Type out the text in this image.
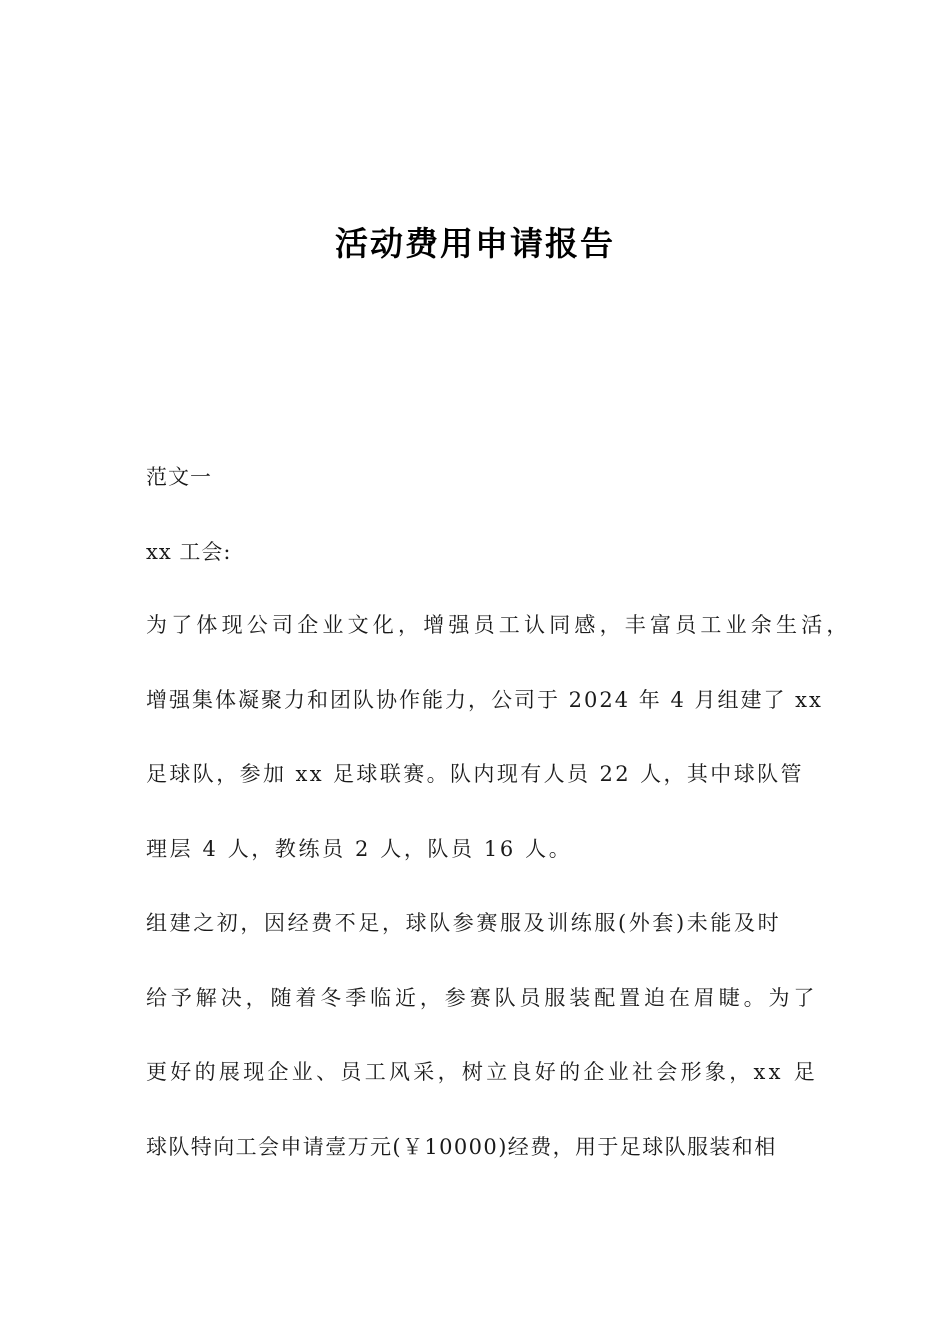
活动费用申请报告

范文一

xx 工会:

为了体现公司企业文化，增强员工认同感，丰富员工业余生活，

增强集体凝聚力和团队协作能力，公司于 2024 年 4 月组建了 xx

足球队，参加 xx 足球联赛。队内现有人员 22 人，其中球队管

理层 4 人，教练员 2 人，队员 16 人。

组建之初，因经费不足，球队参赛服及训练服(外套)未能及时

给予解决，随着冬季临近，参赛队员服装配置迫在眉睫。为了

更好的展现企业、员工风采，树立良好的企业社会形象，xx 足

球队特向工会申请壹万元(￥10000)经费，用于足球队服装和相
